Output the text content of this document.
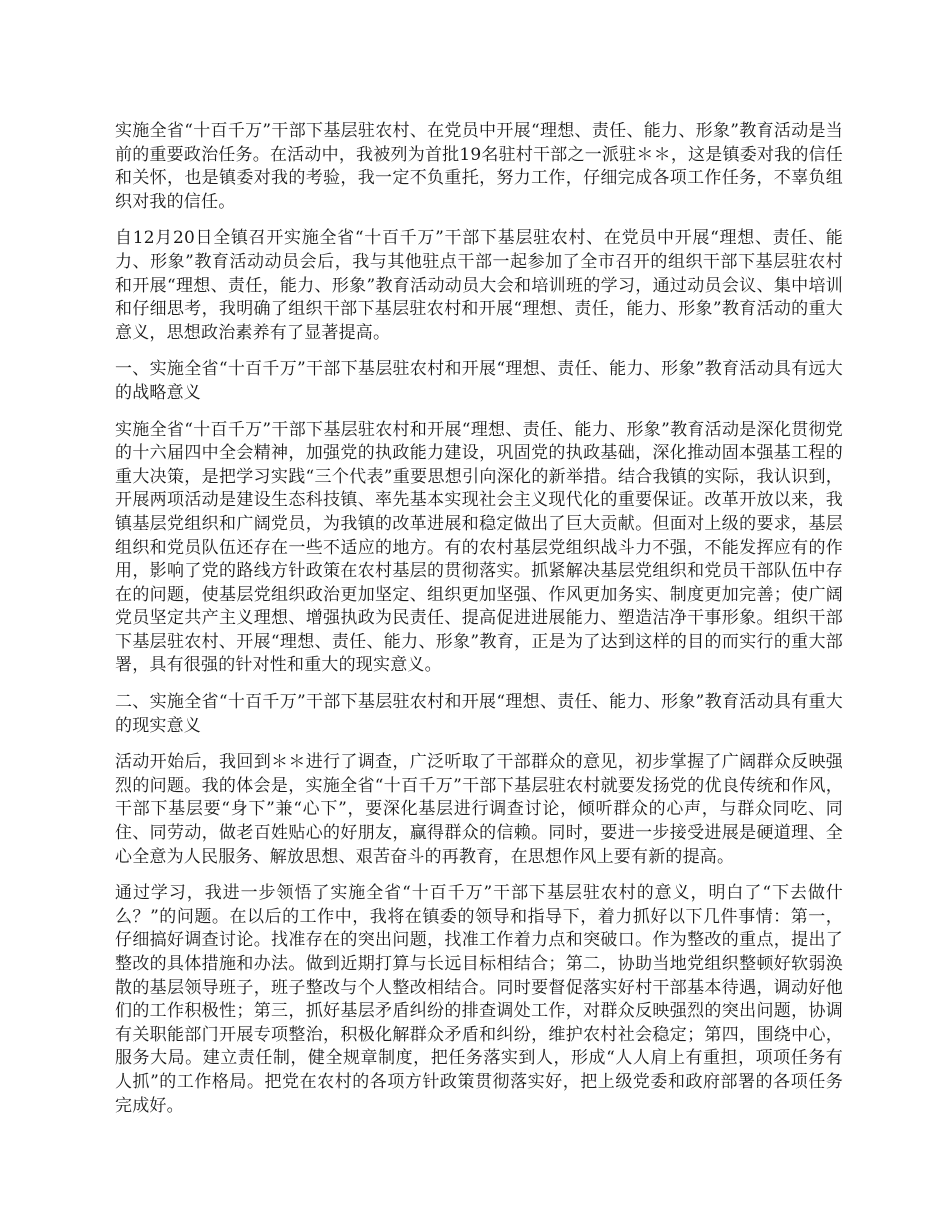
实施全省“十百千万”干部下基层驻农村、在党员中开展“理想、责任、能力、形象”教育活动是当前的重要政治任务。在活动中，我被列为首批19名驻村干部之一派驻＊＊，这是镇委对我的信任和关怀，也是镇委对我的考验，我一定不负重托，努力工作，仔细完成各项工作任务，不辜负组织对我的信任。

自12月20日全镇召开实施全省“十百千万”干部下基层驻农村、在党员中开展“理想、责任、能力、形象”教育活动动员会后，我与其他驻点干部一起参加了全市召开的组织干部下基层驻农村和开展“理想、责任，能力、形象”教育活动动员大会和培训班的学习，通过动员会议、集中培训和仔细思考，我明确了组织干部下基层驻农村和开展“理想、责任，能力、形象”教育活动的重大意义，思想政治素养有了显著提高。

一、实施全省“十百千万”干部下基层驻农村和开展“理想、责任、能力、形象”教育活动具有远大的战略意义

实施全省“十百千万”干部下基层驻农村和开展“理想、责任、能力、形象”教育活动是深化贯彻党的十六届四中全会精神，加强党的执政能力建设，巩固党的执政基础，深化推动固本强基工程的重大决策，是把学习实践“三个代表”重要思想引向深化的新举措。结合我镇的实际，我认识到，开展两项活动是建设生态科技镇、率先基本实现社会主义现代化的重要保证。改革开放以来，我镇基层党组织和广阔党员，为我镇的改革进展和稳定做出了巨大贡献。但面对上级的要求，基层组织和党员队伍还存在一些不适应的地方。有的农村基层党组织战斗力不强，不能发挥应有的作用，影响了党的路线方针政策在农村基层的贯彻落实。抓紧解决基层党组织和党员干部队伍中存在的问题，使基层党组织政治更加坚定、组织更加坚强、作风更加务实、制度更加完善；使广阔党员坚定共产主义理想、增强执政为民责任、提高促进进展能力、塑造洁净干事形象。组织干部下基层驻农村、开展“理想、责任、能力、形象”教育，正是为了达到这样的目的而实行的重大部署，具有很强的针对性和重大的现实意义。

二、实施全省“十百千万”干部下基层驻农村和开展“理想、责任、能力、形象”教育活动具有重大的现实意义

活动开始后，我回到＊＊进行了调查，广泛听取了干部群众的意见，初步掌握了广阔群众反映强烈的问题。我的体会是，实施全省“十百千万”干部下基层驻农村就要发扬党的优良传统和作风，干部下基层要“身下”兼“心下”，要深化基层进行调查讨论，倾听群众的心声，与群众同吃、同住、同劳动，做老百姓贴心的好朋友，赢得群众的信赖。同时，要进一步接受进展是硬道理、全心全意为人民服务、解放思想、艰苦奋斗的再教育，在思想作风上要有新的提高。

通过学习，我进一步领悟了实施全省“十百千万”干部下基层驻农村的意义，明白了“下去做什么？”的问题。在以后的工作中，我将在镇委的领导和指导下，着力抓好以下几件事情：第一，仔细搞好调查讨论。找准存在的突出问题，找准工作着力点和突破口。作为整改的重点，提出了整改的具体措施和办法。做到近期打算与长远目标相结合；第二，协助当地党组织整顿好软弱涣散的基层领导班子，班子整改与个人整改相结合。同时要督促落实好村干部基本待遇，调动好他们的工作积极性；第三，抓好基层矛盾纠纷的排查调处工作，对群众反映强烈的突出问题，协调有关职能部门开展专项整治，积极化解群众矛盾和纠纷，维护农村社会稳定；第四，围绕中心，服务大局。建立责任制，健全规章制度，把任务落实到人，形成“人人肩上有重担，项项任务有人抓”的工作格局。把党在农村的各项方针政策贯彻落实好，把上级党委和政府部署的各项任务完成好。
